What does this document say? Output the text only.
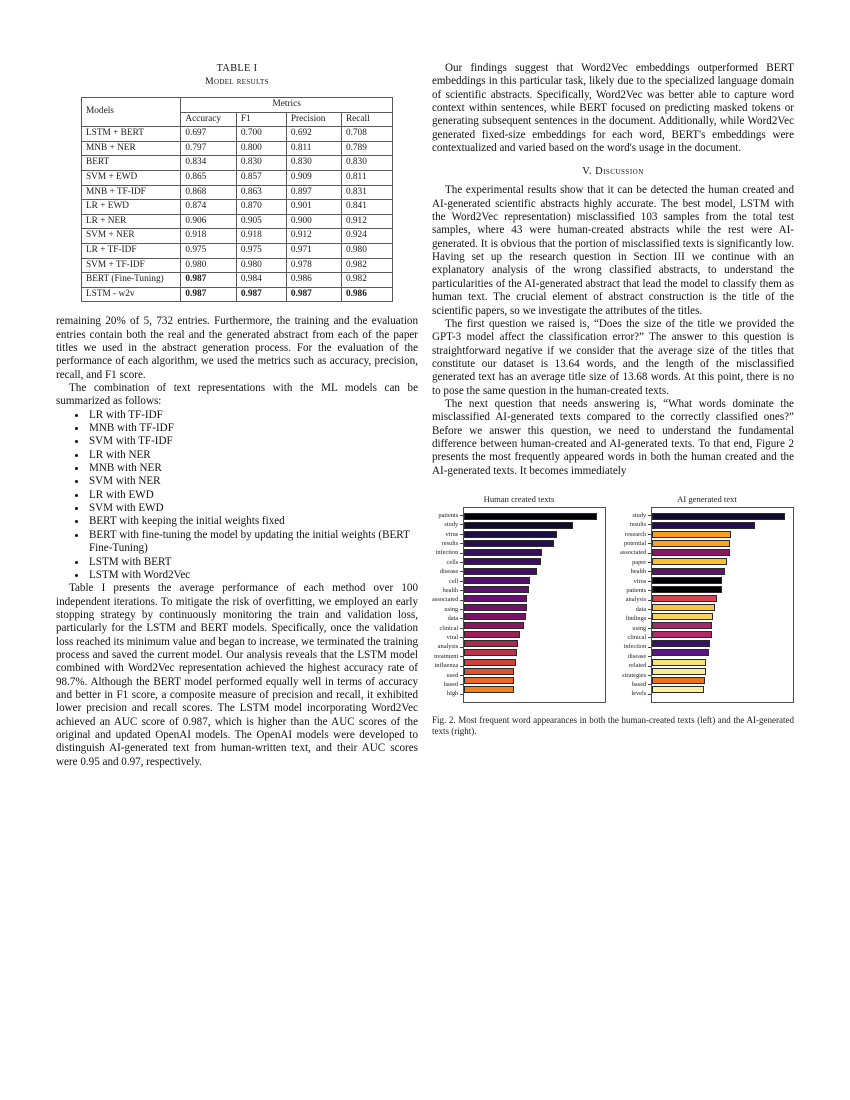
TABLE I
Model results
Models	Metrics			
	Accuracy	F1	Precision	Recall
LSTM + BERT	0.697	0.700	0.692	0.708
MNB + NER	0.797	0.800	0.811	0.789
BERT	0.834	0.830	0.830	0.830
SVM + EWD	0.865	0.857	0.909	0.811
MNB + TF-IDF	0.868	0.863	0.897	0.831
LR + EWD	0.874	0.870	0.901	0.841
LR + NER	0.906	0.905	0.900	0.912
SVM + NER	0.918	0.918	0.912	0.924
LR + TF-IDF	0.975	0.975	0.971	0.980
SVM + TF-IDF	0.980	0.980	0.978	0.982
BERT (Fine-Tuning)	0.987	0.984	0.986	0.982
LSTM - w2v	0.987	0.987	0.987	0.986

remaining 20% of 5, 732 entries. Furthermore, the training and the evaluation entries contain both the real and the generated abstract from each of the paper titles we used in the abstract generation process. For the evaluation of the performance of each algorithm, we used the metrics such as accuracy, precision, recall, and F1 score.

The combination of text representations with the ML models can be summarized as follows:

• LR with TF-IDF
• MNB with TF-IDF
• SVM with TF-IDF
• LR with NER
• MNB with NER
• SVM with NER
• LR with EWD
• SVM with EWD
• BERT with keeping the initial weights fixed
• BERT with fine-tuning the model by updating the initial weights (BERT Fine-Tuning)
• LSTM with BERT
• LSTM with Word2Vec

Table I presents the average performance of each method over 100 independent iterations. To mitigate the risk of overfitting, we employed an early stopping strategy by continuously monitoring the train and validation loss, particularly for the LSTM and BERT models. Specifically, once the validation loss reached its minimum value and began to increase, we terminated the training process and saved the current model. Our analysis reveals that the LSTM model combined with Word2Vec representation achieved the highest accuracy rate of 98.7%. Although the BERT model performed equally well in terms of accuracy and better in F1 score, a composite measure of precision and recall, it exhibited lower precision and recall scores. The LSTM model incorporating Word2Vec achieved an AUC score of 0.987, which is higher than the AUC scores of the original and updated OpenAI models. The OpenAI models were developed to distinguish AI-generated text from human-written text, and their AUC scores were 0.95 and 0.97, respectively.

Our findings suggest that Word2Vec embeddings outperformed BERT embeddings in this particular task, likely due to the specialized language domain of scientific abstracts. Specifically, Word2Vec was better able to capture word context within sentences, while BERT focused on predicting masked tokens or generating subsequent sentences in the document. Additionally, while Word2Vec generated fixed-size embeddings for each word, BERT's embeddings were contextualized and varied based on the word's usage in the document.

V. Discussion

The experimental results show that it can be detected the human created and AI-generated scientific abstracts highly accurate. The best model, LSTM with the Word2Vec representation) misclassified 103 samples from the total test samples, where 43 were human-created abstracts while the rest were AI-generated. It is obvious that the portion of misclassified texts is significantly low. Having set up the research question in Section III we continue with an explanatory analysis of the wrong classified abstracts, to understand the particularities of the AI-generated abstract that lead the model to classify them as human text. The crucial element of abstract construction is the title of the scientific papers, so we investigate the attributes of the titles.

The first question we raised is, “Does the size of the title we provided the GPT-3 model affect the classification error?” The answer to this question is straightforward negative if we consider that the average size of the titles that constitute our dataset is 13.64 words, and the length of the misclassified generated text has an average title size of 13.68 words. At this point, there is no to pose the same question in the human-created texts.

The next question that needs answering is, “What words dominate the misclassified AI-generated texts compared to the correctly classified ones?” Before we answer this question, we need to understand the fundamental difference between human-created and AI-generated texts. To that end, Figure 2 presents the most frequently appeared words in both the human created and the AI-generated texts. It becomes immediately

Human created texts
patients
study
virus
results
infection
cells
disease
cell
health
associated
using
data
clinical
viral
analysis
treatment
influenza
used
based
high
AI generated text
study
results
research
potential
associated
paper
health
virus
patients
analysis
data
findings
using
clinical
infection
disease
related
strategies
based
levels
Fig. 2. Most frequent word appearances in both the human-created texts (left) and the AI-generated texts (right).
